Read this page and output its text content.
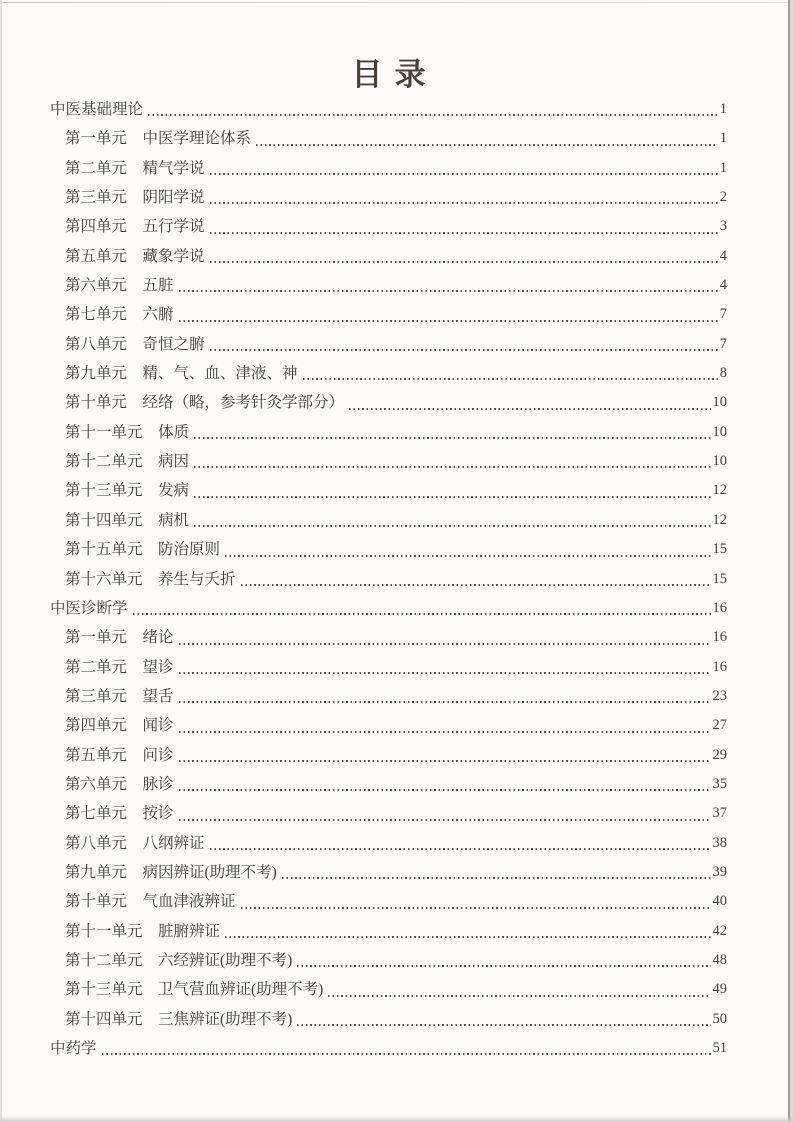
目录
中医基础理论	1
第一单元　中医学理论体系	1
第二单元　精气学说	1
第三单元　阴阳学说	2
第四单元　五行学说	3
第五单元　藏象学说	4
第六单元　五脏	4
第七单元　六腑	7
第八单元　奇恒之腑	7
第九单元　精、气、血、津液、神	8
第十单元　经络（略，参考针灸学部分）	10
第十一单元　体质	10
第十二单元　病因	10
第十三单元　发病	12
第十四单元　病机	12
第十五单元　防治原则	15
第十六单元　养生与夭折	15
中医诊断学	16
第一单元　绪论	16
第二单元　望诊	16
第三单元　望舌	23
第四单元　闻诊	27
第五单元　问诊	29
第六单元　脉诊	35
第七单元　按诊	37
第八单元　八纲辨证	38
第九单元　病因辨证(助理不考)	39
第十单元　气血津液辨证	40
第十一单元　脏腑辨证	42
第十二单元　六经辨证(助理不考)	48
第十三单元　卫气营血辨证(助理不考)	49
第十四单元　三焦辨证(助理不考)	50
中药学	51
